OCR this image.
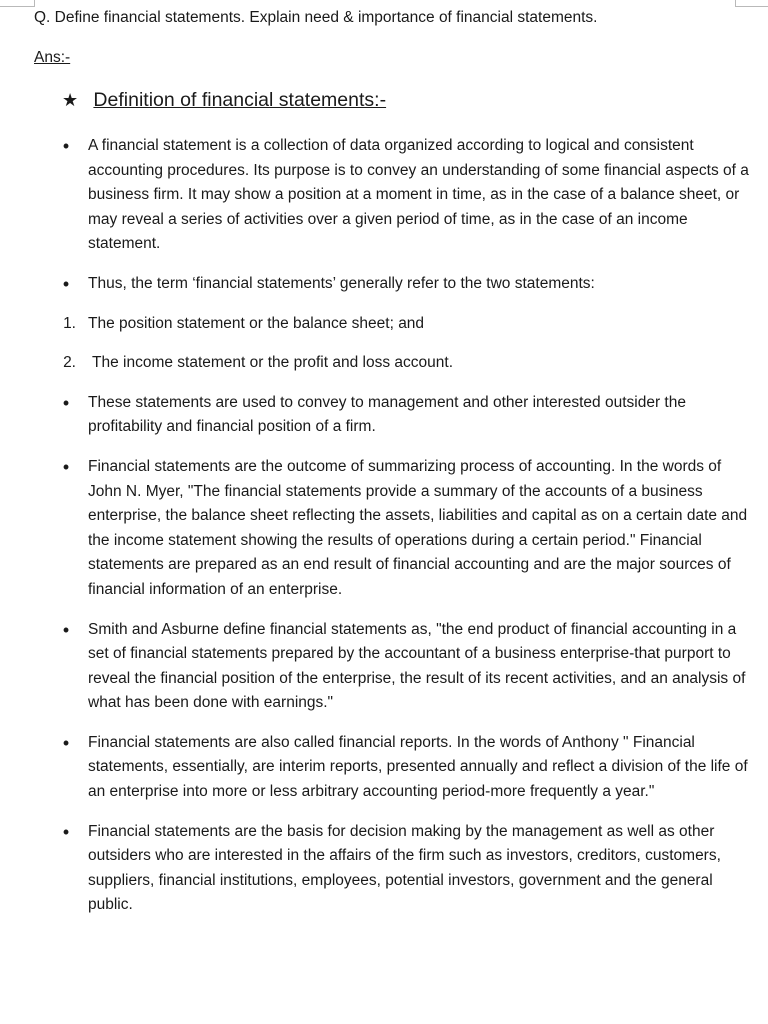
Q. Define financial statements. Explain need & importance of financial statements.
Ans:-
★ Definition of financial statements:-
• A financial statement is a collection of data organized according to logical and consistent accounting procedures. Its purpose is to convey an understanding of some financial aspects of a business firm. It may show a position at a moment in time, as in the case of a balance sheet, or may reveal a series of activities over a given period of time, as in the case of an income statement.
• Thus, the term ‘financial statements’ generally refer to the two statements:
1. The position statement or the balance sheet; and
2. The income statement or the profit and loss account.
• These statements are used to convey to management and other interested outsider the profitability and financial position of a firm.
• Financial statements are the outcome of summarizing process of accounting. In the words of John N. Myer, "The financial statements provide a summary of the accounts of a business enterprise, the balance sheet reflecting the assets, liabilities and capital as on a certain date and the income statement showing the results of operations during a certain period." Financial statements are prepared as an end result of financial accounting and are the major sources of financial information of an enterprise.
• Smith and Asburne define financial statements as, "the end product of financial accounting in a set of financial statements prepared by the accountant of a business enterprise-that purport to reveal the financial position of the enterprise, the result of its recent activities, and an analysis of what has been done with earnings."
• Financial statements are also called financial reports. In the words of Anthony " Financial statements, essentially, are interim reports, presented annually and reflect a division of the life of an enterprise into more or less arbitrary accounting period-more frequently a year."
• Financial statements are the basis for decision making by the management as well as other outsiders who are interested in the affairs of the firm such as investors, creditors, customers, suppliers, financial institutions, employees, potential investors, government and the general public.
